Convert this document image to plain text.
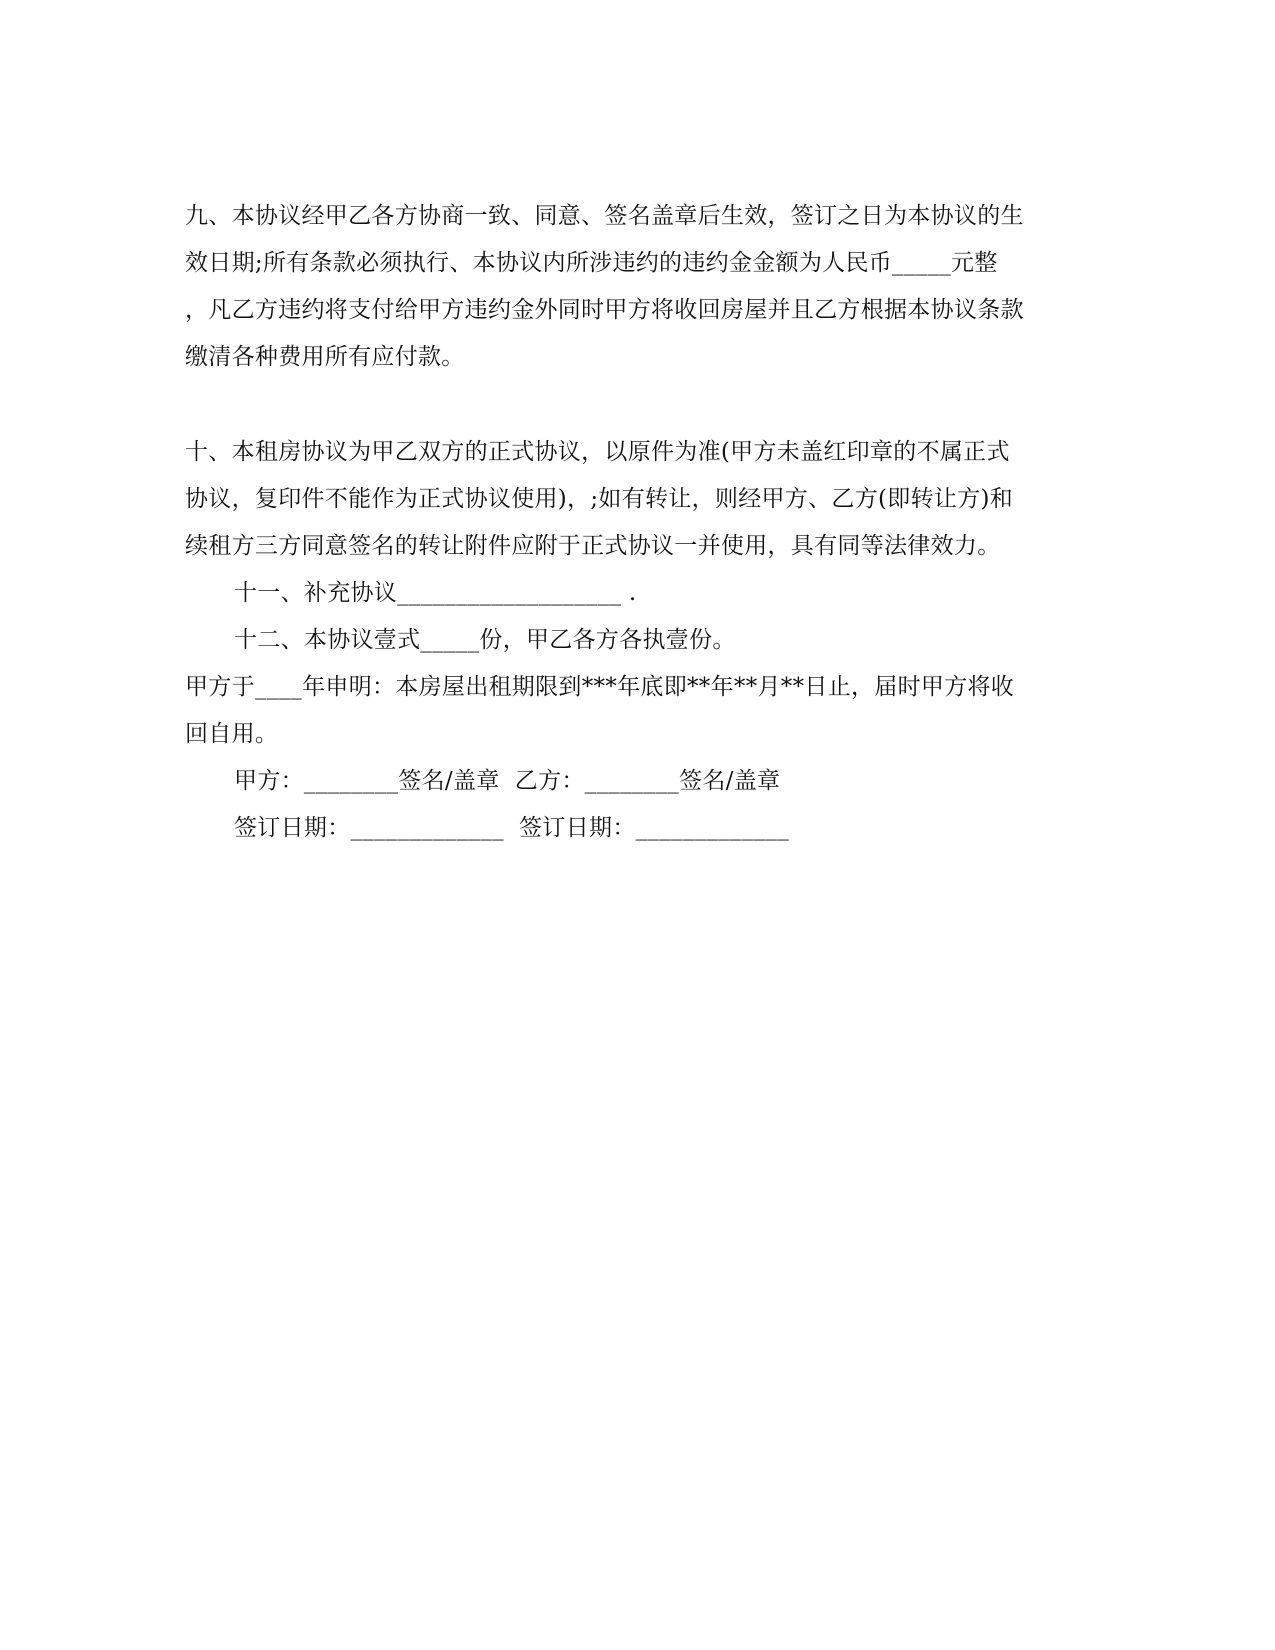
九、本协议经甲乙各方协商一致、同意、签名盖章后生效，签订之日为本协议的生
效日期;所有条款必须执行、本协议内所涉违约的违约金金额为人民币_____元整
，凡乙方违约将支付给甲方违约金外同时甲方将收回房屋并且乙方根据本协议条款
缴清各种费用所有应付款。
十、本租房协议为甲乙双方的正式协议，以原件为准(甲方未盖红印章的不属正式
协议，复印件不能作为正式协议使用)，;如有转让，则经甲方、乙方(即转让方)和
续租方三方同意签名的转让附件应附于正式协议一并使用，具有同等法律效力。
十一、补充协议___________________ .
十二、本协议壹式_____份，甲乙各方各执壹份。
甲方于____年申明：本房屋出租期限到***年底即**年**月**日止，届时甲方将收
回自用。
甲方：________签名/盖章  乙方：________签名/盖章
签订日期：_____________  签订日期：_____________
